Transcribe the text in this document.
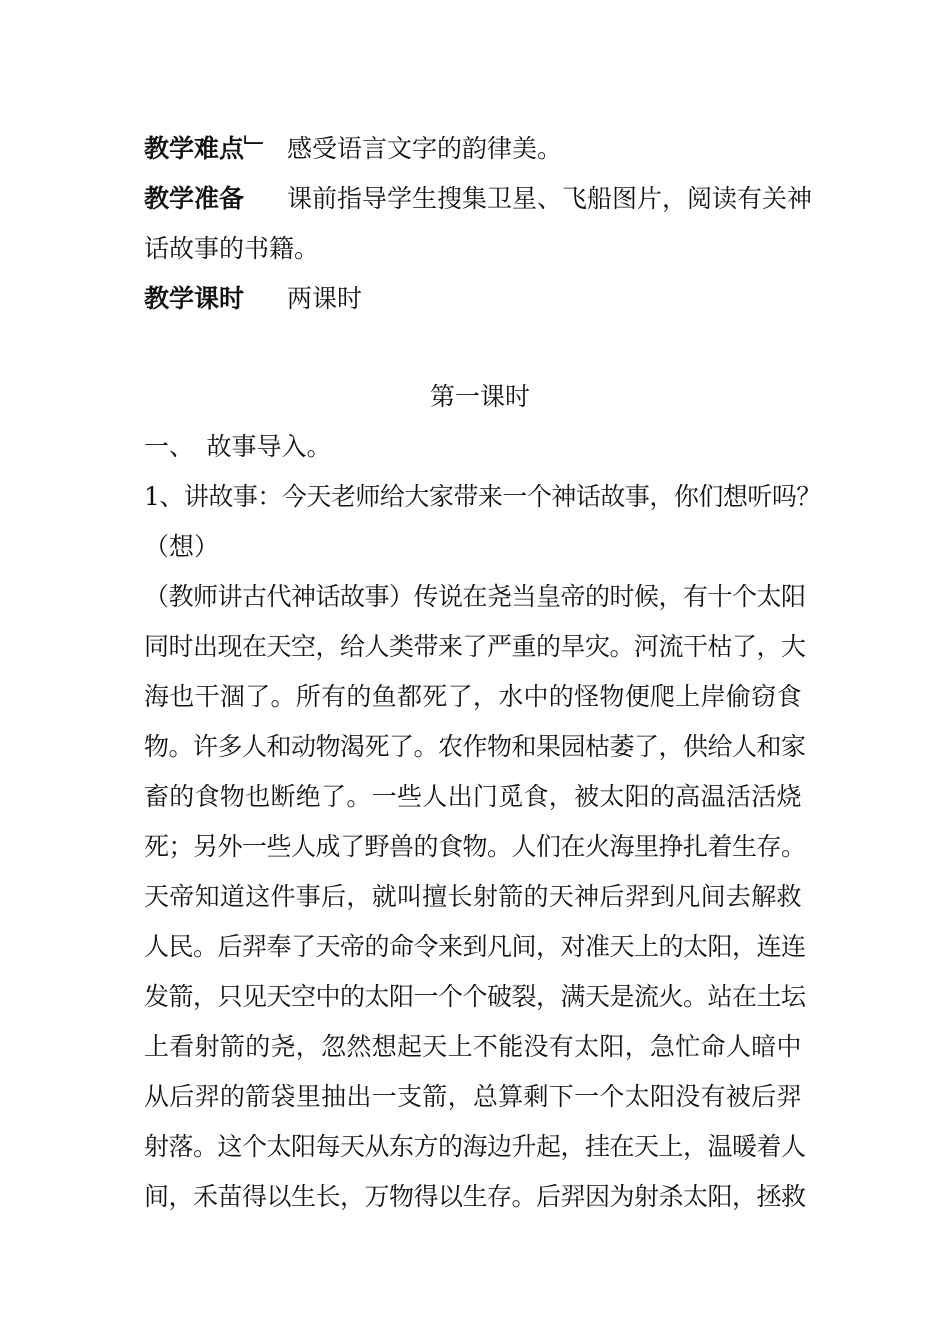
教学难点﹂ 感受语言文字的韵律美。
教学准备	课前指导学生搜集卫星、飞船图片，阅读有关神
话故事的书籍。
教学课时	两课时
第一课时
一、　故事导入。
1、讲故事：今天老师给大家带来一个神话故事，你们想听吗？
（想）
（教师讲古代神话故事）传说在尧当皇帝的时候，有十个太阳
同时出现在天空，给人类带来了严重的旱灾。河流干枯了，大
海也干涸了。所有的鱼都死了，水中的怪物便爬上岸偷窃食
物。许多人和动物渴死了。农作物和果园枯萎了，供给人和家
畜的食物也断绝了。一些人出门觅食，被太阳的高温活活烧
死；另外一些人成了野兽的食物。人们在火海里挣扎着生存。
天帝知道这件事后，就叫擅长射箭的天神后羿到凡间去解救
人民。后羿奉了天帝的命令来到凡间，对准天上的太阳，连连
发箭，只见天空中的太阳一个个破裂，满天是流火。站在土坛
上看射箭的尧，忽然想起天上不能没有太阳，急忙命人暗中
从后羿的箭袋里抽出一支箭，总算剩下一个太阳没有被后羿
射落。这个太阳每天从东方的海边升起，挂在天上，温暖着人
间，禾苗得以生长，万物得以生存。后羿因为射杀太阳，拯救
